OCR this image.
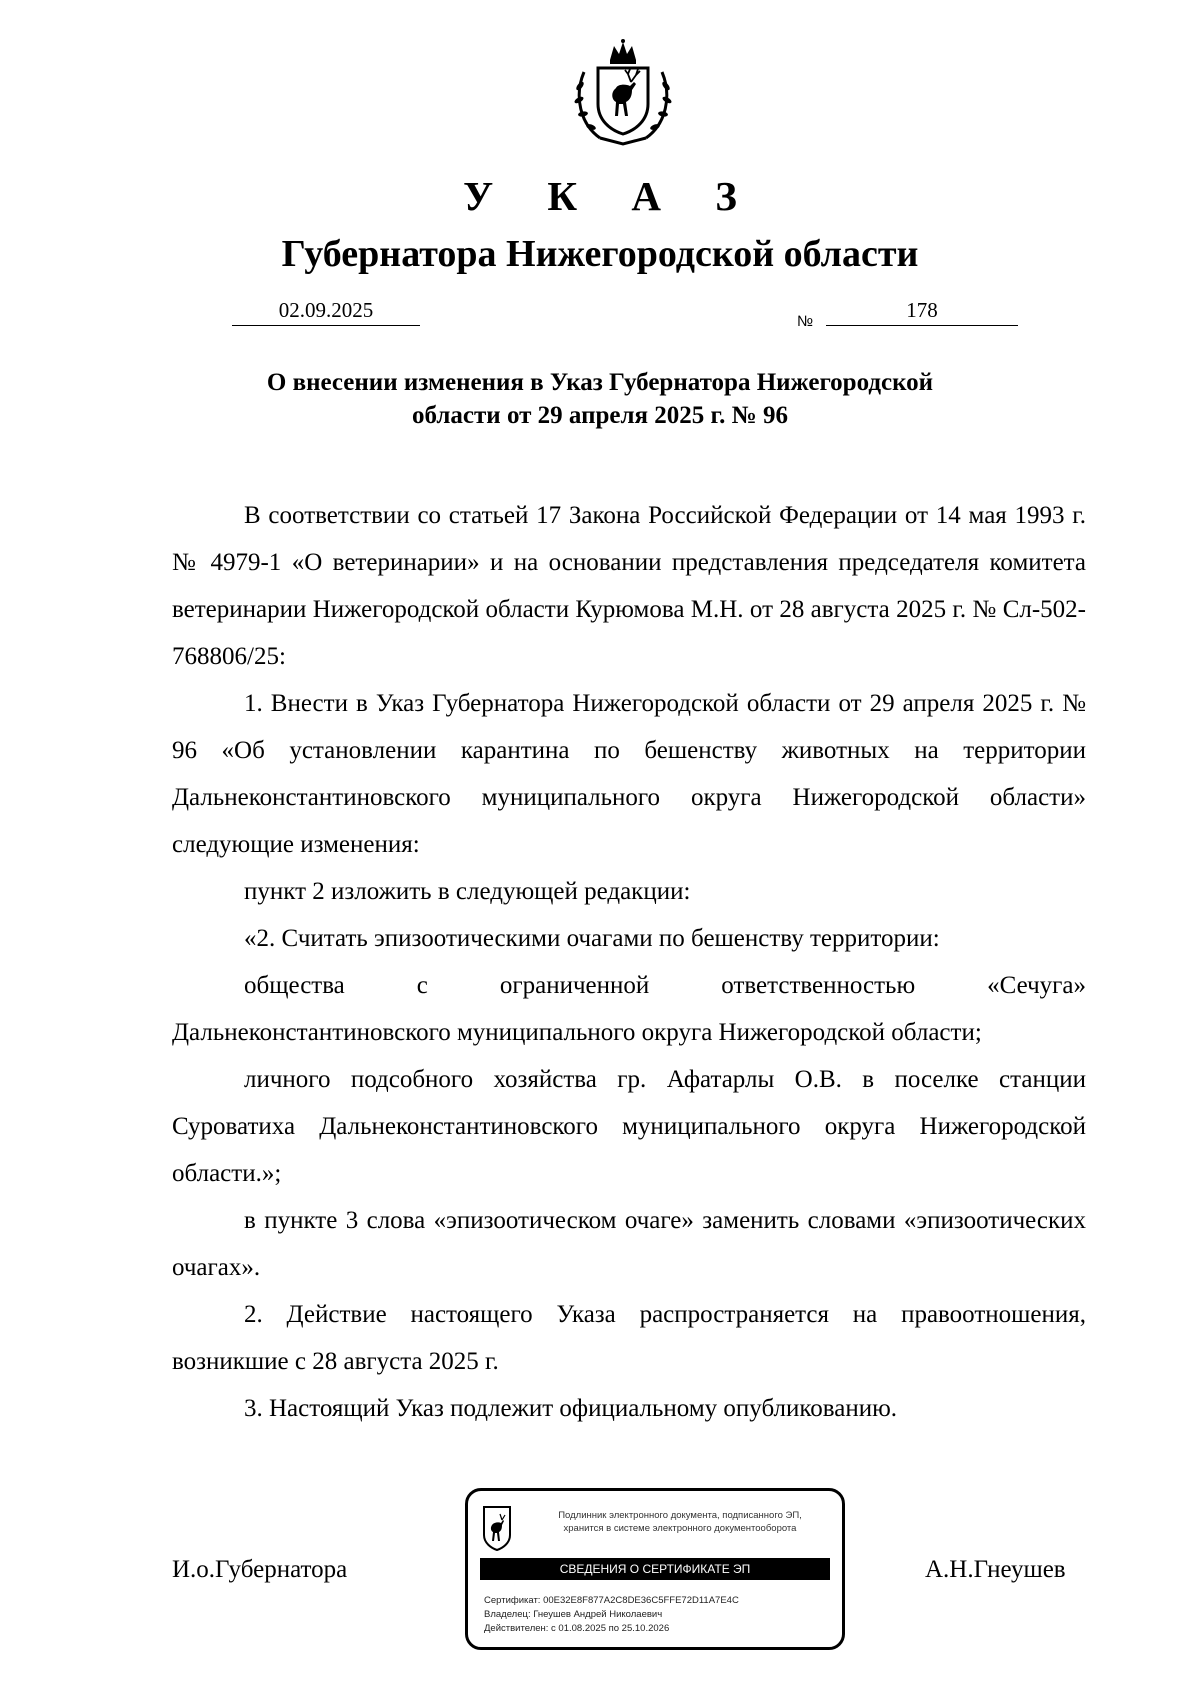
У К А З
Губернатора Нижегородской области
02.09.2025	№	178
О внесении изменения в Указ Губернатора Нижегородской
области от 29 апреля 2025 г. № 96

В соответствии со статьей 17 Закона Российской Федерации от 14 мая 1993 г. № 4979-1 «О ветеринарии» и на основании представления председателя комитета ветеринарии Нижегородской области Курюмова М.Н. от 28 августа 2025 г. № Сл-502-768806/25:

1. Внести в Указ Губернатора Нижегородской области от 29 апреля 2025 г. № 96 «Об установлении карантина по бешенству животных на территории Дальнеконстантиновского муниципального округа Нижегородской области» следующие изменения:

пункт 2 изложить в следующей редакции:

«2. Считать эпизоотическими очагами по бешенству территории:

общества с ограниченной ответственностью «Сечуга» Дальнеконстантиновского муниципального округа Нижегородской области;

личного подсобного хозяйства гр. Афатарлы О.В. в поселке станции Суроватиха Дальнеконстантиновского муниципального округа Нижегородской области.»;

в пункте 3 слова «эпизоотическом очаге» заменить словами «эпизоотических очагах».

2. Действие настоящего Указа распространяется на правоотношения, возникшие с 28 августа 2025 г.

3. Настоящий Указ подлежит официальному опубликованию.

И.о.Губернатора
Подлинник электронного документа, подписанного ЭП,
хранится в системе электронного документооборота
СВЕДЕНИЯ О СЕРТИФИКАТЕ ЭП
Сертификат: 00E32E8F877A2C8DE36C5FFE72D11A7E4C
Владелец: Гнеушев Андрей Николаевич
Действителен: с 01.08.2025 по 25.10.2026
А.Н.Гнеушев
